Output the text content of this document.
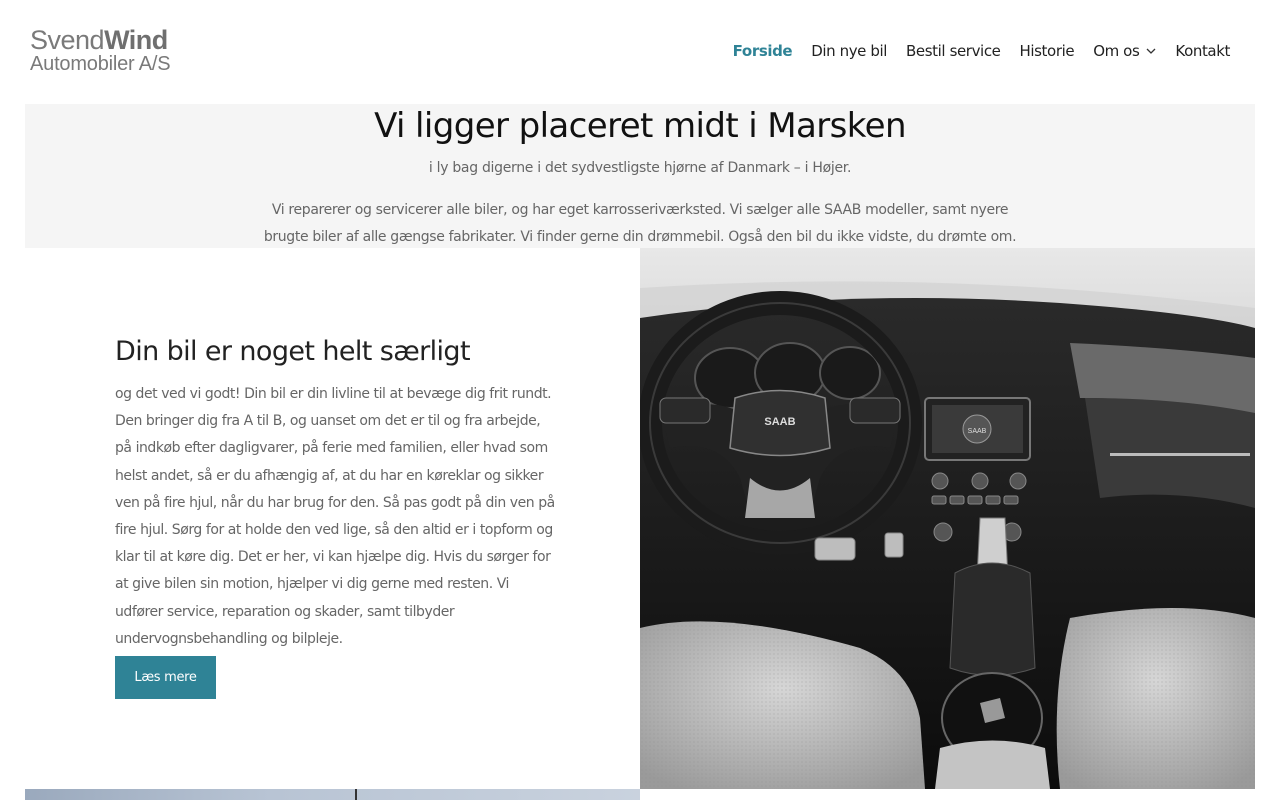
SvendWind
Automobiler A/S
Forside Din nye bil Bestil service Historie Om os Kontakt
Vi ligger placeret midt i Marsken

i ly bag digerne i det sydvestligste hjørne af Danmark – i Højer.

Vi reparerer og servicerer alle biler, og har eget karrosseriværksted. Vi sælger alle SAAB modeller, samt nyere brugte biler af alle gængse fabrikater. Vi finder gerne din drømmebil. Også den bil du ikke vidste, du drømte om.

Din bil er noget helt særligt

og det ved vi godt! Din bil er din livline til at bevæge dig frit rundt. Den bringer dig fra A til B, og uanset om det er til og fra arbejde, på indkøb efter dagligvarer, på ferie med familien, eller hvad som helst andet, så er du afhængig af, at du har en køreklar og sikker ven på fire hjul, når du har brug for den. Så pas godt på din ven på fire hjul. Sørg for at holde den ved lige, så den altid er i topform og klar til at køre dig. Det er her, vi kan hjælpe dig. Hvis du sørger for at give bilen sin motion, hjælper vi dig gerne med resten. Vi udfører service, reparation og skader, samt tilbyder undervognsbehandling og bilpleje.

Læs mere
SAAB
SAAB
